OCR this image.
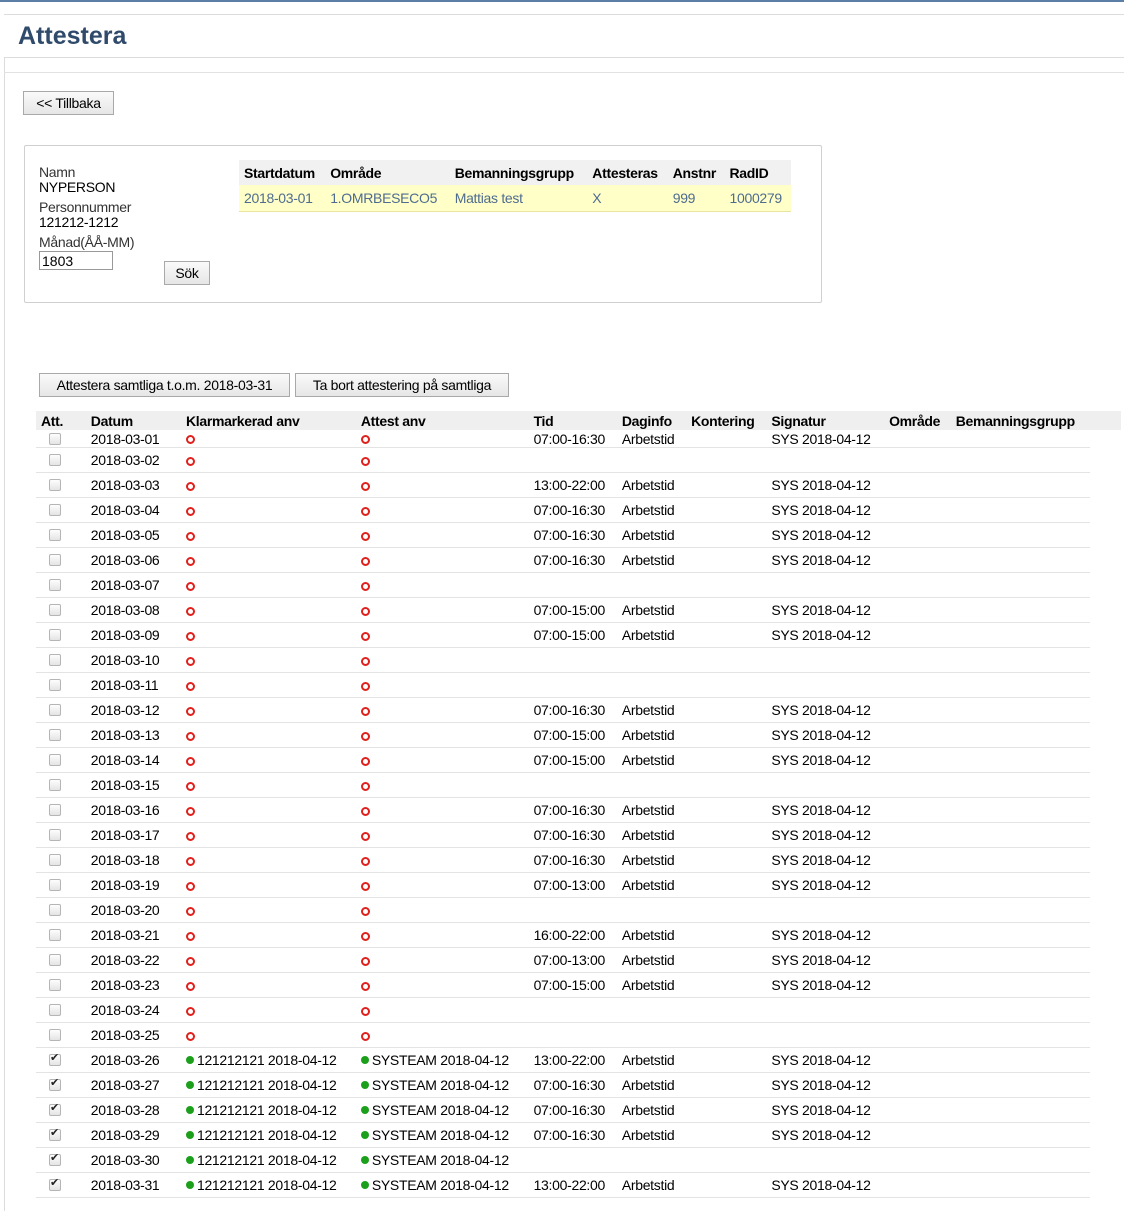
Attestera
<< Tillbaka
Namn
NYPERSON
Personnummer
121212-1212
Månad(ÅÅ-MM)
1803
Sök
Startdatum	Område	Bemanningsgrupp	Attesteras	Anstnr	RadID
2018-03-01	1.OMRBESECO5	Mattias test	X	999	1000279
Attestera samtliga t.o.m. 2018-03-31	Ta bort attestering på samtliga
Att.	Datum	Klarmarkerad anv	Attest anv	Tid	Daginfo	Kontering	Signatur	Område	Bemanningsgrupp
	2018-03-01			07:00-16:30	Arbetstid		SYS 2018-04-12		
	2018-03-02								
	2018-03-03			13:00-22:00	Arbetstid		SYS 2018-04-12		
	2018-03-04			07:00-16:30	Arbetstid		SYS 2018-04-12		
	2018-03-05			07:00-16:30	Arbetstid		SYS 2018-04-12		
	2018-03-06			07:00-16:30	Arbetstid		SYS 2018-04-12		
	2018-03-07								
	2018-03-08			07:00-15:00	Arbetstid		SYS 2018-04-12		
	2018-03-09			07:00-15:00	Arbetstid		SYS 2018-04-12		
	2018-03-10								
	2018-03-11								
	2018-03-12			07:00-16:30	Arbetstid		SYS 2018-04-12		
	2018-03-13			07:00-15:00	Arbetstid		SYS 2018-04-12		
	2018-03-14			07:00-15:00	Arbetstid		SYS 2018-04-12		
	2018-03-15								
	2018-03-16			07:00-16:30	Arbetstid		SYS 2018-04-12		
	2018-03-17			07:00-16:30	Arbetstid		SYS 2018-04-12		
	2018-03-18			07:00-16:30	Arbetstid		SYS 2018-04-12		
	2018-03-19			07:00-13:00	Arbetstid		SYS 2018-04-12		
	2018-03-20								
	2018-03-21			16:00-22:00	Arbetstid		SYS 2018-04-12		
	2018-03-22			07:00-13:00	Arbetstid		SYS 2018-04-12		
	2018-03-23			07:00-15:00	Arbetstid		SYS 2018-04-12		
	2018-03-24								
	2018-03-25								
✔	2018-03-26	121212121 2018-04-12	SYSTEAM 2018-04-12	13:00-22:00	Arbetstid		SYS 2018-04-12		
✔	2018-03-27	121212121 2018-04-12	SYSTEAM 2018-04-12	07:00-16:30	Arbetstid		SYS 2018-04-12		
✔	2018-03-28	121212121 2018-04-12	SYSTEAM 2018-04-12	07:00-16:30	Arbetstid		SYS 2018-04-12		
✔	2018-03-29	121212121 2018-04-12	SYSTEAM 2018-04-12	07:00-16:30	Arbetstid		SYS 2018-04-12		
✔	2018-03-30	121212121 2018-04-12	SYSTEAM 2018-04-12						
✔	2018-03-31	121212121 2018-04-12	SYSTEAM 2018-04-12	13:00-22:00	Arbetstid		SYS 2018-04-12		
